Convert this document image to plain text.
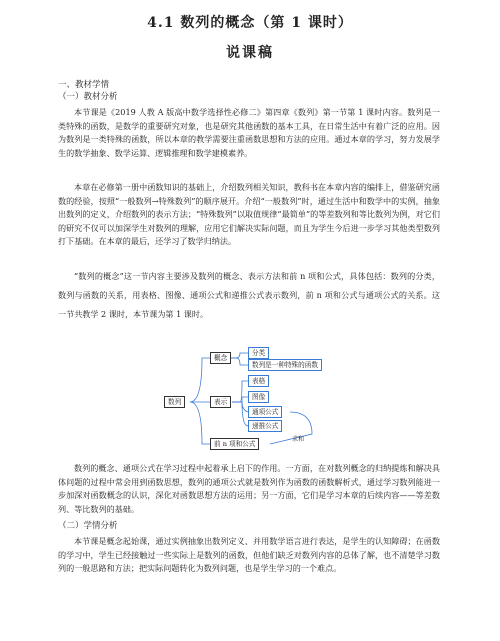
4.1 数列的概念（第 1 课时）
说课稿
一、教材学情
（一）教材分析

本节课是《2019 人教 A 版高中数学选择性必修二》第四章《数列》第一节第 1 课时内容。数列是一类特殊的函数，是数学的重要研究对象，也是研究其他函数的基本工具，在日常生活中有着广泛的应用。因为数列是一类特殊的函数，所以本章的教学需要注重函数思想和方法的应用。通过本章的学习，努力发展学生的数学抽象、数学运算、逻辑推理和数学建模素养。

本章在必修第一册中函数知识的基础上，介绍数列相关知识，教科书在本章内容的编排上，借鉴研究函数的经验，按照“一般数列→特殊数列”的顺序展开。介绍“一般数列”时，通过生活中和数学中的实例，抽象出数列的定义，介绍数列的表示方法；“特殊数列”以取值规律“最简单”的等差数列和等比数列为例，对它们的研究不仅可以加深学生对数列的理解，应用它们解决实际问题，而且为学生今后进一步学习其他类型数列打下基础。在本章的最后，还学习了数学归纳法。

“数列的概念”这一节内容主要涉及数列的概念、表示方法和前 n 项和公式，具体包括：数列的分类，数列与函数的关系，用表格、图像、通项公式和递推公式表示数列，前 n 项和公式与通项公式的关系。这一节共教学 2 课时，本节课为第 1 课时。

数列
概念
分类
数列是一种特殊的函数
表示
表格
图像
通项公式
递推公式
前 n 项和公式
求和

数列的概念、通项公式在学习过程中起着承上启下的作用。一方面，在对数列概念的归纳提炼和解决具体问题的过程中常会用到函数思想，数列的通项公式就是数列作为函数的函数解析式，通过学习数列能进一步加深对函数概念的认识，深化对函数思想方法的运用；另一方面，它们是学习本章的后续内容——等差数列、等比数列的基础。

（二）学情分析

本节课是概念起始课，通过实例抽象出数列定义、并用数学语言进行表达，是学生的认知障碍；在函数的学习中，学生已经接触过一些实际上是数列的函数，但他们缺乏对数列内容的总体了解，也不清楚学习数列的一般思路和方法；把实际问题转化为数列问题，也是学生学习的一个难点。
